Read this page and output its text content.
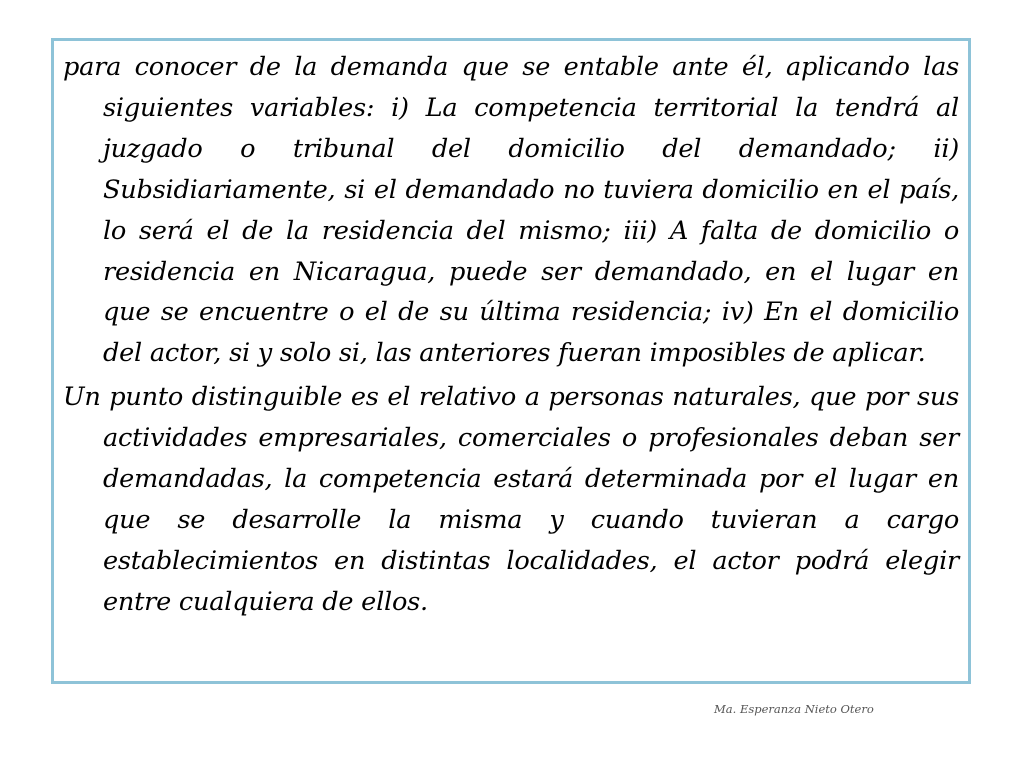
para conocer de la demanda que se entable ante él, aplicando las siguientes variables: i) La competencia territorial la tendrá al juzgado o tribunal del domicilio del demandado; ii) Subsidiariamente, si el demandado no tuviera domicilio en el país, lo será el de la residencia del mismo; iii) A falta de domicilio o residencia en Nicaragua, puede ser demandado, en el lugar en que se encuentre o el de su última residencia; iv) En el domicilio del actor, si y solo si, las anteriores fueran imposibles de aplicar.

Un punto distinguible es el relativo a personas naturales, que por sus actividades empresariales, comerciales o profesionales deban ser demandadas, la competencia estará determinada por el lugar en que se desarrolle la misma y cuando tuvieran a cargo establecimientos en distintas localidades, el actor podrá elegir entre cualquiera de ellos.

Ma. Esperanza Nieto Otero
